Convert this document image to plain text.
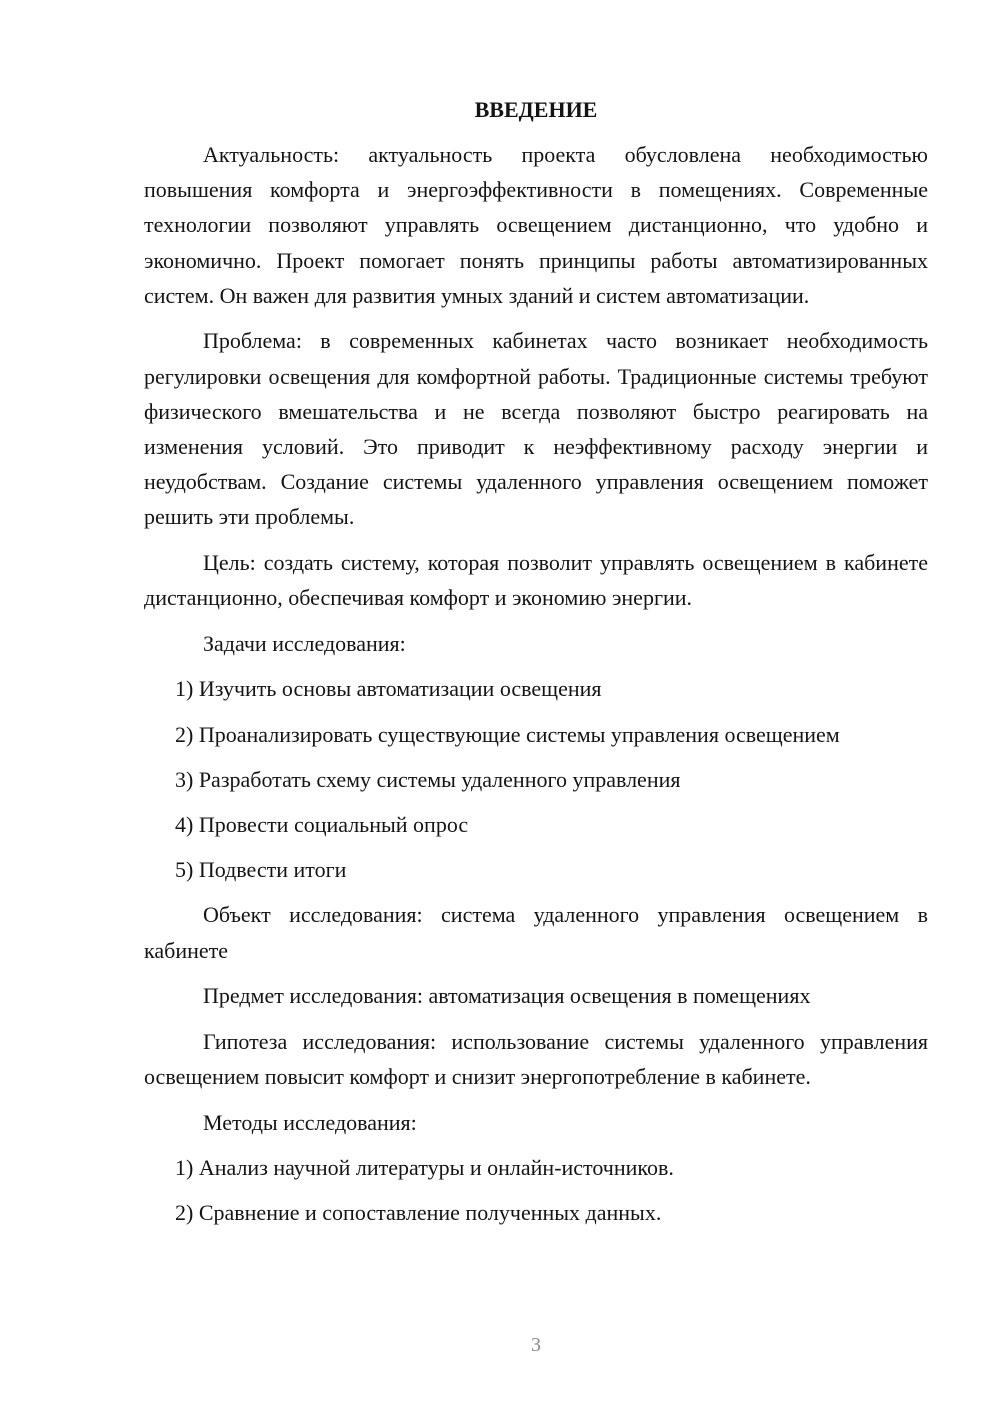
ВВЕДЕНИЕ

Актуальность: актуальность проекта обусловлена необходимостью повышения комфорта и энергоэффективности в помещениях. Современные технологии позволяют управлять освещением дистанционно, что удобно и экономично. Проект помогает понять принципы работы автоматизированных систем. Он важен для развития умных зданий и систем автоматизации.

Проблема: в современных кабинетах часто возникает необходимость регулировки освещения для комфортной работы. Традиционные системы требуют физического вмешательства и не всегда позволяют быстро реагировать на изменения условий. Это приводит к неэффективному расходу энергии и неудобствам. Создание системы удаленного управления освещением поможет решить эти проблемы.

Цель: создать систему, которая позволит управлять освещением в кабинете дистанционно, обеспечивая комфорт и экономию энергии.

Задачи исследования:

1) Изучить основы автоматизации освещения
2) Проанализировать существующие системы управления освещением
3) Разработать схему системы удаленного управления
4) Провести социальный опрос
5) Подвести итоги

Объект исследования: система удаленного управления освещением в кабинете

Предмет исследования: автоматизация освещения в помещениях

Гипотеза исследования: использование системы удаленного управления освещением повысит комфорт и снизит энергопотребление в кабинете.

Методы исследования:

1) Анализ научной литературы и онлайн-источников.
2) Сравнение и сопоставление полученных данных.
3
